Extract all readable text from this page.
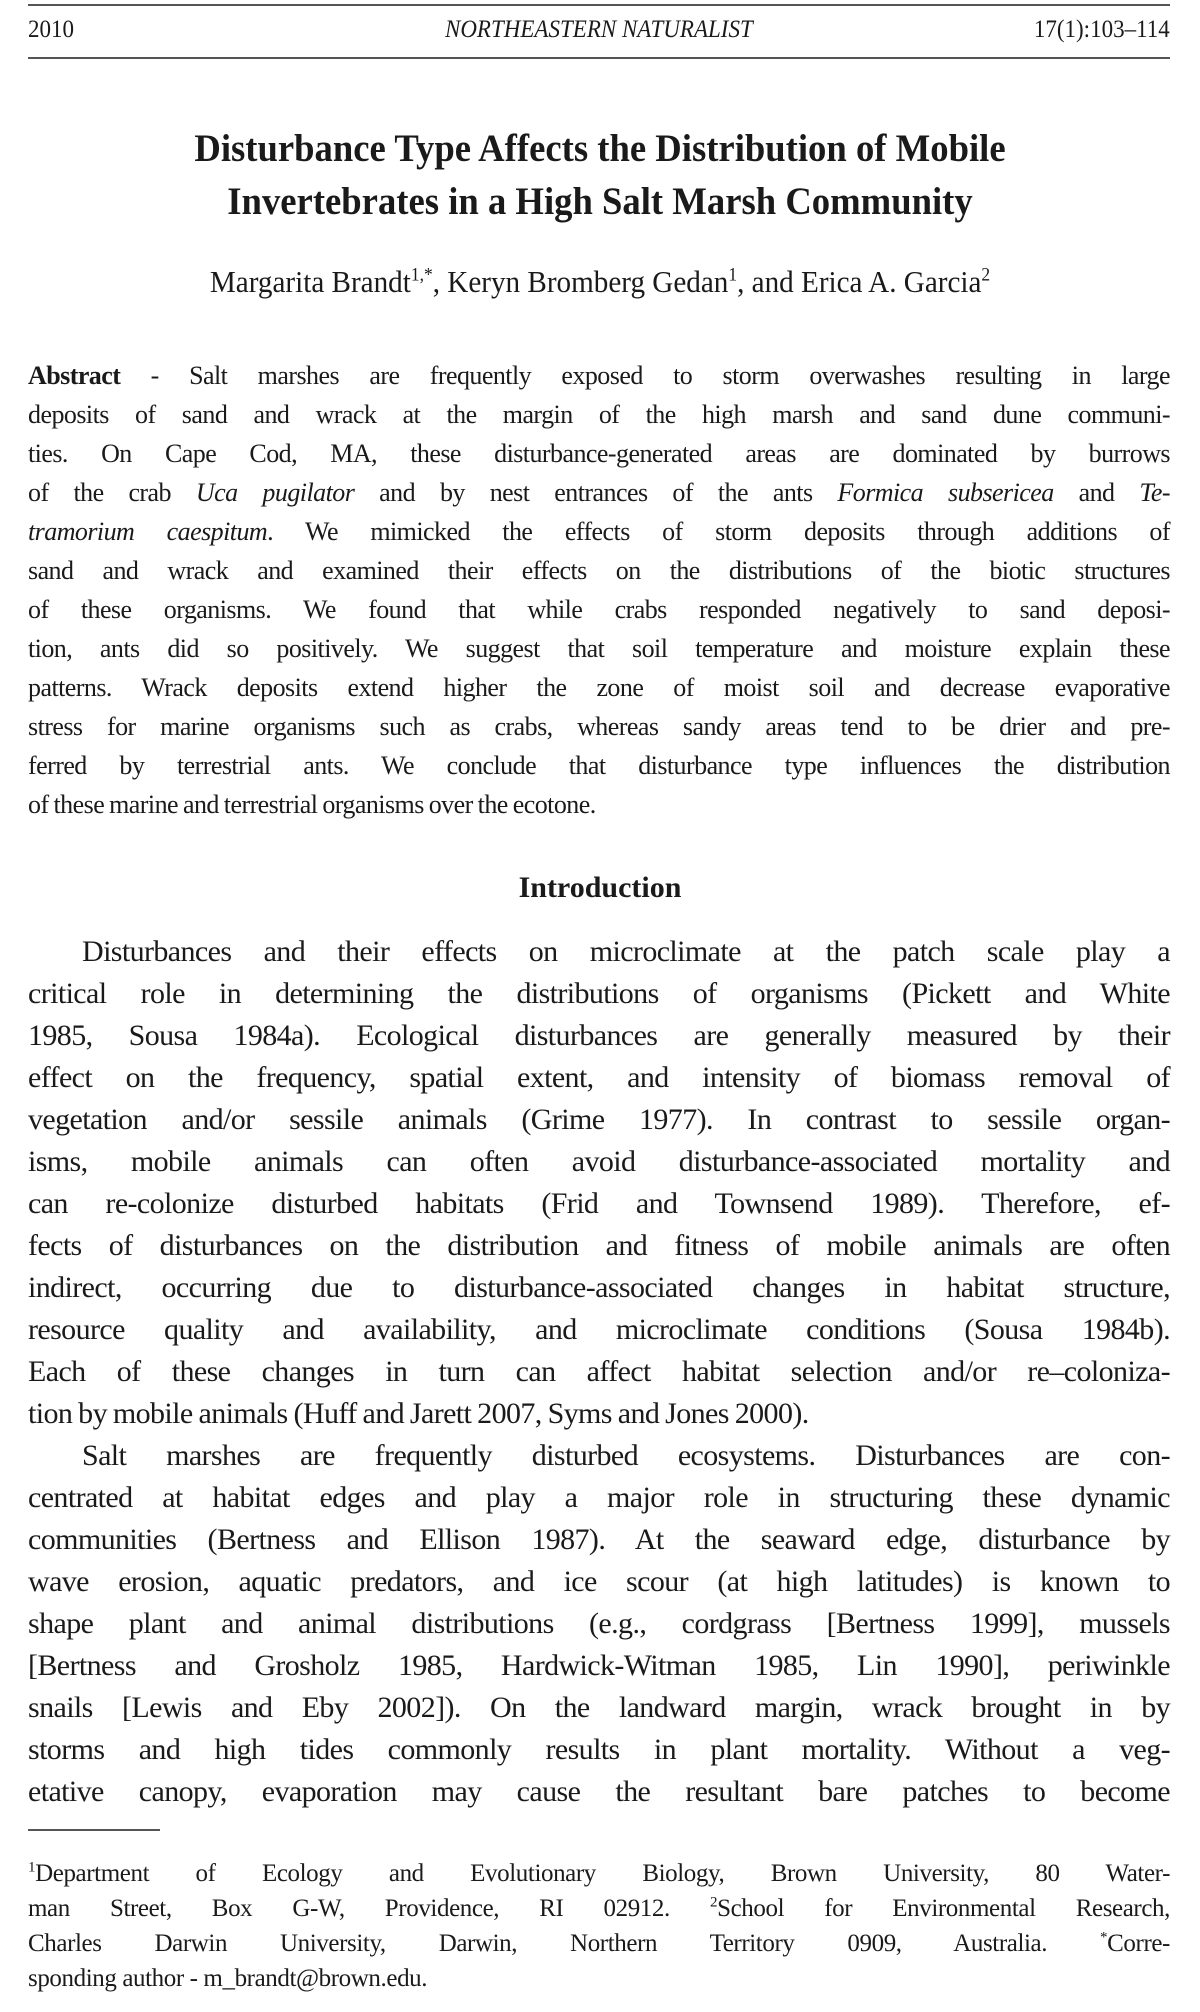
2010	NORTHEASTERN NATURALIST	17(1):103–114
Disturbance Type Affects the Distribution of Mobile
Invertebrates in a High Salt Marsh Community
Margarita Brandt$^{1,*}$, Keryn Bromberg Gedan$^1$, and Erica A. Garcia$^2$
Abstract - Salt marshes are frequently exposed to storm overwashes resulting in large
deposits of sand and wrack at the margin of the high marsh and sand dune communi-
ties. On Cape Cod, MA, these disturbance-generated areas are dominated by burrows
of the crab Uca pugilator and by nest entrances of the ants Formica subsericea and Te-
tramorium caespitum. We mimicked the effects of storm deposits through additions of
sand and wrack and examined their effects on the distributions of the biotic structures
of these organisms. We found that while crabs responded negatively to sand deposi-
tion, ants did so positively. We suggest that soil temperature and moisture explain these
patterns. Wrack deposits extend higher the zone of moist soil and decrease evaporative
stress for marine organisms such as crabs, whereas sandy areas tend to be drier and pre-
ferred by terrestrial ants. We conclude that disturbance type influences the distribution
of these marine and terrestrial organisms over the ecotone.
Introduction
Disturbances and their effects on microclimate at the patch scale play a
critical role in determining the distributions of organisms (Pickett and White
1985, Sousa 1984a). Ecological disturbances are generally measured by their
effect on the frequency, spatial extent, and intensity of biomass removal of
vegetation and/or sessile animals (Grime 1977). In contrast to sessile organ-
isms, mobile animals can often avoid disturbance-associated mortality and
can re-colonize disturbed habitats (Frid and Townsend 1989). Therefore, ef-
fects of disturbances on the distribution and fitness of mobile animals are often
indirect, occurring due to disturbance-associated changes in habitat structure,
resource quality and availability, and microclimate conditions (Sousa 1984b).
Each of these changes in turn can affect habitat selection and/or re–coloniza-
tion by mobile animals (Huff and Jarett 2007, Syms and Jones 2000).
Salt marshes are frequently disturbed ecosystems. Disturbances are con-
centrated at habitat edges and play a major role in structuring these dynamic
communities (Bertness and Ellison 1987). At the seaward edge, disturbance by
wave erosion, aquatic predators, and ice scour (at high latitudes) is known to
shape plant and animal distributions (e.g., cordgrass [Bertness 1999], mussels
[Bertness and Grosholz 1985, Hardwick-Witman 1985, Lin 1990], periwinkle
snails [Lewis and Eby 2002]). On the landward margin, wrack brought in by
storms and high tides commonly results in plant mortality. Without a veg-
etative canopy, evaporation may cause the resultant bare patches to become
$^1$Department of Ecology and Evolutionary Biology, Brown University, 80 Water-
man Street, Box G-W, Providence, RI 02912. $^2$School for Environmental Research,
Charles Darwin University, Darwin, Northern Territory 0909, Australia. *Corre-
sponding author - m_brandt@brown.edu.
